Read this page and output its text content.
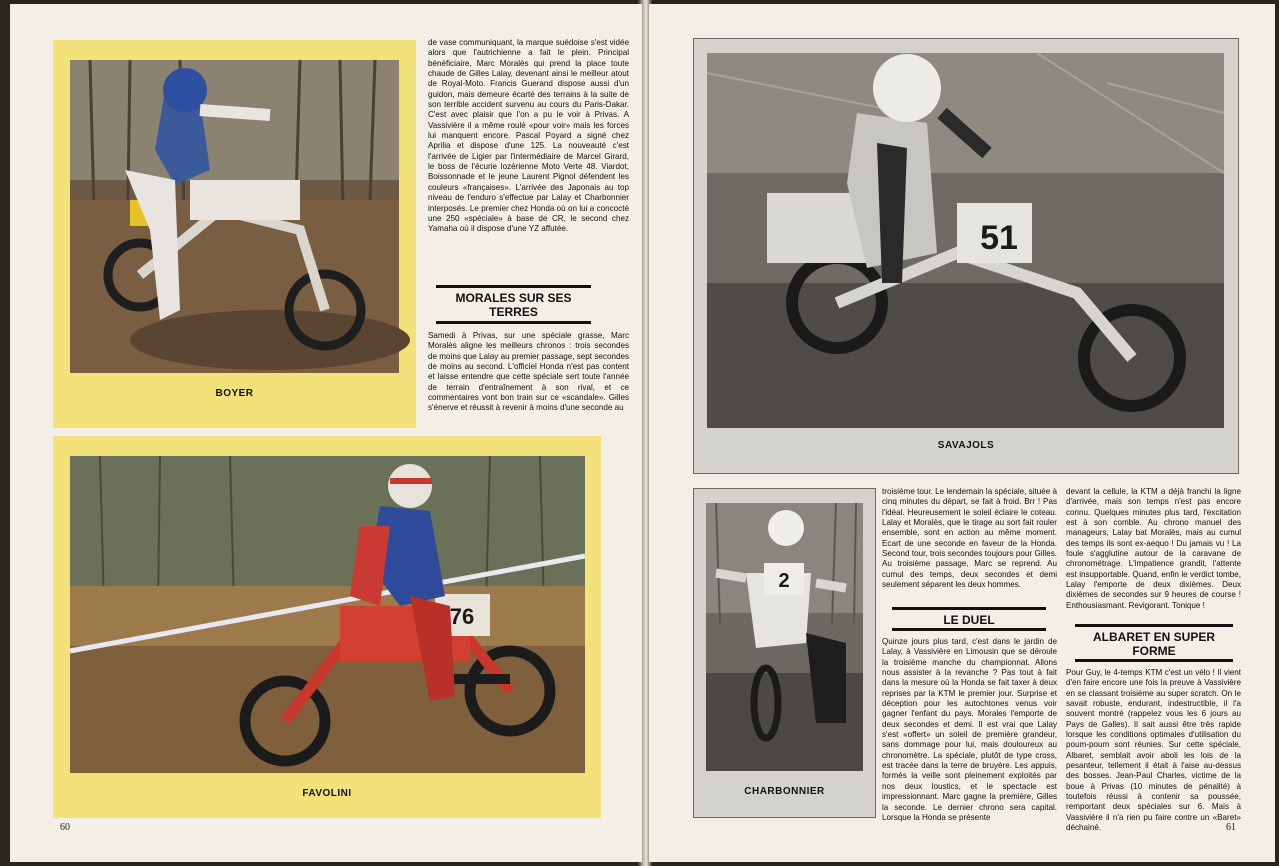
BOYER
76
FAVOLINI

de vase communiquant, la marque suédoise s'est vidée alors que l'autrichienne a fait le plein. Principal bénéficiaire, Marc Moralès qui prend la place toute chaude de Gilles Lalay, devenant ainsi le meilleur atout de Royal-Moto. Francis Guerand dispose aussi d'un guidon, mais demeure écarté des terrains à la suite de son terrible accident survenu au cours du Paris-Dakar. C'est avec plaisir que l'on a pu le voir à Privas. A Vassivière il a même roulé «pour voir» mais les forces lui manquent encore. Pascal Poyard a signé chez Aprilia et dispose d'une 125. La nouveauté c'est l'arrivée de Ligier par l'intermédiaire de Marcel Girard, le boss de l'écurie lozérienne Moto Verte 48. Viardot, Boissonnade et le jeune Laurent Pignol défendent les couleurs «françaises». L'arrivée des Japonais au top niveau de l'enduro s'effectue par Lalay et Charbonnier interposés. Le premier chez Honda où on lui a concocté une 250 «spéciale» à base de CR, le second chez Yamaha où il dispose d'une YZ affutée.

MORALES SUR SES TERRES

Samedi à Privas, sur une spéciale grasse, Marc Moralès aligne les meilleurs chronos : trois secondes de moins que Lalay au premier passage, sept secondes de moins au second. L'officiel Honda n'est pas content et laisse entendre que cette spéciale sert toute l'année de terrain d'entraînement à son rival, et ce commentaires vont bon train sur ce «scandale». Gilles s'énerve et réussit à revenir à moins d'une seconde au

60
51
SAVAJOLS
2
CHARBONNIER

troisième tour. Le lendemain la spéciale, située à cinq minutes du départ, se fait à froid. Brr ! Pas l'idéal. Heureusement le soleil éclaire le coteau. Lalay et Moralès, que le tirage au sort fait rouler ensemble, sont en action au même moment. Ecart de une seconde en faveur de la Honda. Second tour, trois secondes toujours pour Gilles. Au troisième passage, Marc se reprend. Au cumul des temps, deux secondes et demi seulement séparent les deux hommes.

LE DUEL

Quinze jours plus tard, c'est dans le jardin de Lalay, à Vassivière en Limousin que se déroule la troisième manche du championnat. Allons nous assister à la revanche ? Pas tout à fait dans la mesure où la Honda se fait taxer à deux reprises par la KTM le premier jour. Surprise et déception pour les autochtones venus voir gagner l'enfant du pays. Morales l'emporte de deux secondes et demi. Il est vrai que Lalay s'est «offert» un soleil de première grandeur, sans dommage pour lui, mais douloureux au chronomètre. La spéciale, plutôt de type cross, est tracée dans la terre de bruyère. Les appuis, formés la veille sont pleinement exploités par nos deux loustics, et le spectacle est impressionnant. Marc gagne la première, Gilles la seconde. Le dernier chrono sera capital. Lorsque la Honda se présente

devant la cellule, la KTM a déjà franchi la ligne d'arrivée, mais son temps n'est pas encore connu. Quelques minutes plus tard, l'excitation est à son comble. Au chrono manuel des manageurs, Lalay bat Moralès, mais au cumul des temps ils sont ex-aequo ! Du jamais vu ! La foule s'agglutine autour de la caravane de chronométrage. L'impatience grandit, l'attente est insupportable. Quand, enfin le verdict tombe, Lalay l'emporte de deux dixièmes. Deux dixièmes de secondes sur 9 heures de course ! Enthousiasmant. Revigorant. Tonique !

ALBARET EN SUPER FORME

Pour Guy, le 4-temps KTM c'est un vélo ! Il vient d'en faire encore une fois la preuve à Vassivière en se classant troisième au super scratch. On le savait robuste, endurant, indestructible, il l'a souvent montré (rappelez vous les 6 jours au Pays de Galles). Il sait aussi être très rapide lorsque les conditions optimales d'utilisation du poum-poum sont réunies. Sur cette spéciale, Albaret, semblait avoir aboli les lois de la pesanteur, tellement il était à l'aise au-dessus des bosses. Jean-Paul Charles, victime de la boue à Privas (10 minutes de pénalité) à toutefois réussi à contenir sa poussée, remportant deux spéciales sur 6. Mais à Vassivière il n'a rien pu faire contre un «Baret» déchainé.	61
